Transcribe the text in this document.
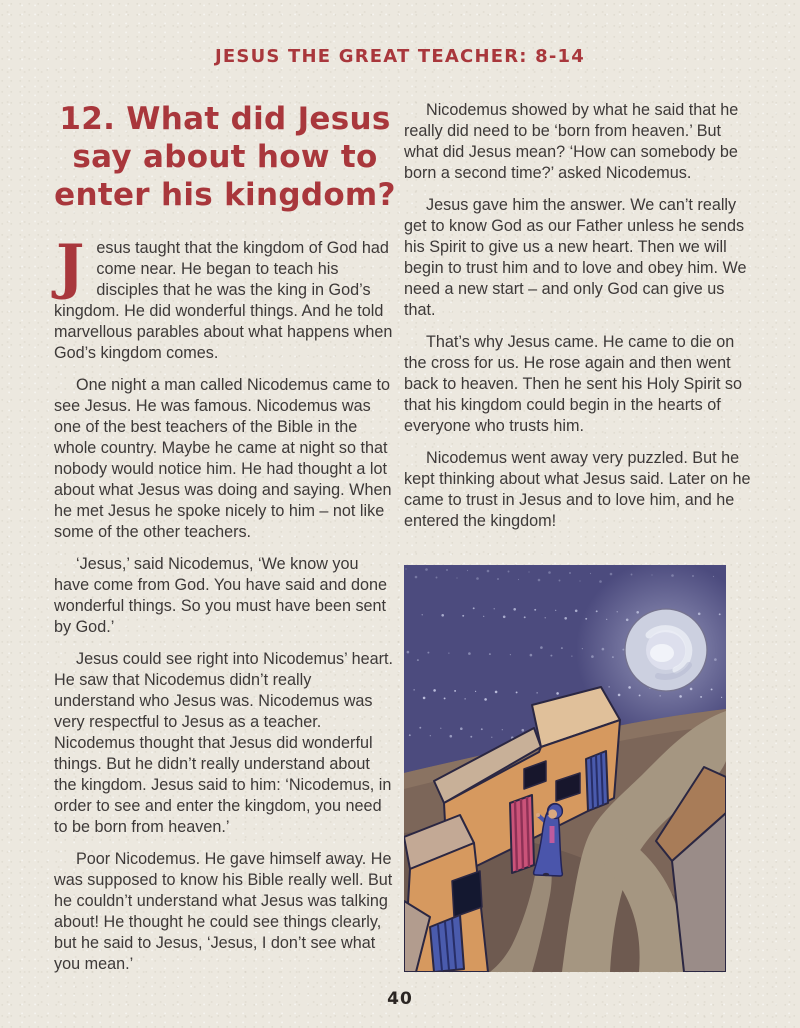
JESUS THE GREAT TEACHER: 8-14
12. What did Jesus
say about how to
enter his kingdom?

Jesus taught that the kingdom of God had come near. He began to teach his disciples that he was the king in God’s kingdom. He did wonderful things. And he told marvellous parables about what happens when God’s kingdom comes.

One night a man called Nicodemus came to see Jesus. He was famous. Nicodemus was one of the best teachers of the Bible in the whole country. Maybe he came at night so that nobody would notice him. He had thought a lot about what Jesus was doing and saying. When he met Jesus he spoke nicely to him – not like some of the other teachers.

‘Jesus,’ said Nicodemus, ‘We know you have come from God. You have said and done wonderful things. So you must have been sent by God.’

Jesus could see right into Nicodemus’ heart. He saw that Nicodemus didn’t really understand who Jesus was. Nicodemus was very respectful to Jesus as a teacher. Nicodemus thought that Jesus did wonderful things. But he didn’t really understand about the kingdom. Jesus said to him: ‘Nicodemus, in order to see and enter the kingdom, you need to be born from heaven.’

Poor Nicodemus. He gave himself away. He was supposed to know his Bible really well. But he couldn’t understand what Jesus was talking about! He thought he could see things clearly, but he said to Jesus, ‘Jesus, I don’t see what you mean.’

Nicodemus showed by what he said that he really did need to be ‘born from heaven.’ But what did Jesus mean? ‘How can somebody be born a second time?’ asked Nicodemus.

Jesus gave him the answer. We can’t really get to know God as our Father unless he sends his Spirit to give us a new heart. Then we will begin to trust him and to love and obey him. We need a new start – and only God can give us that.

That’s why Jesus came. He came to die on the cross for us. He rose again and then went back to heaven. Then he sent his Holy Spirit so that his kingdom could begin in the hearts of everyone who trusts him.

Nicodemus went away very puzzled. But he kept thinking about what Jesus said. Later on he came to trust in Jesus and to love him, and he entered the kingdom!

40
